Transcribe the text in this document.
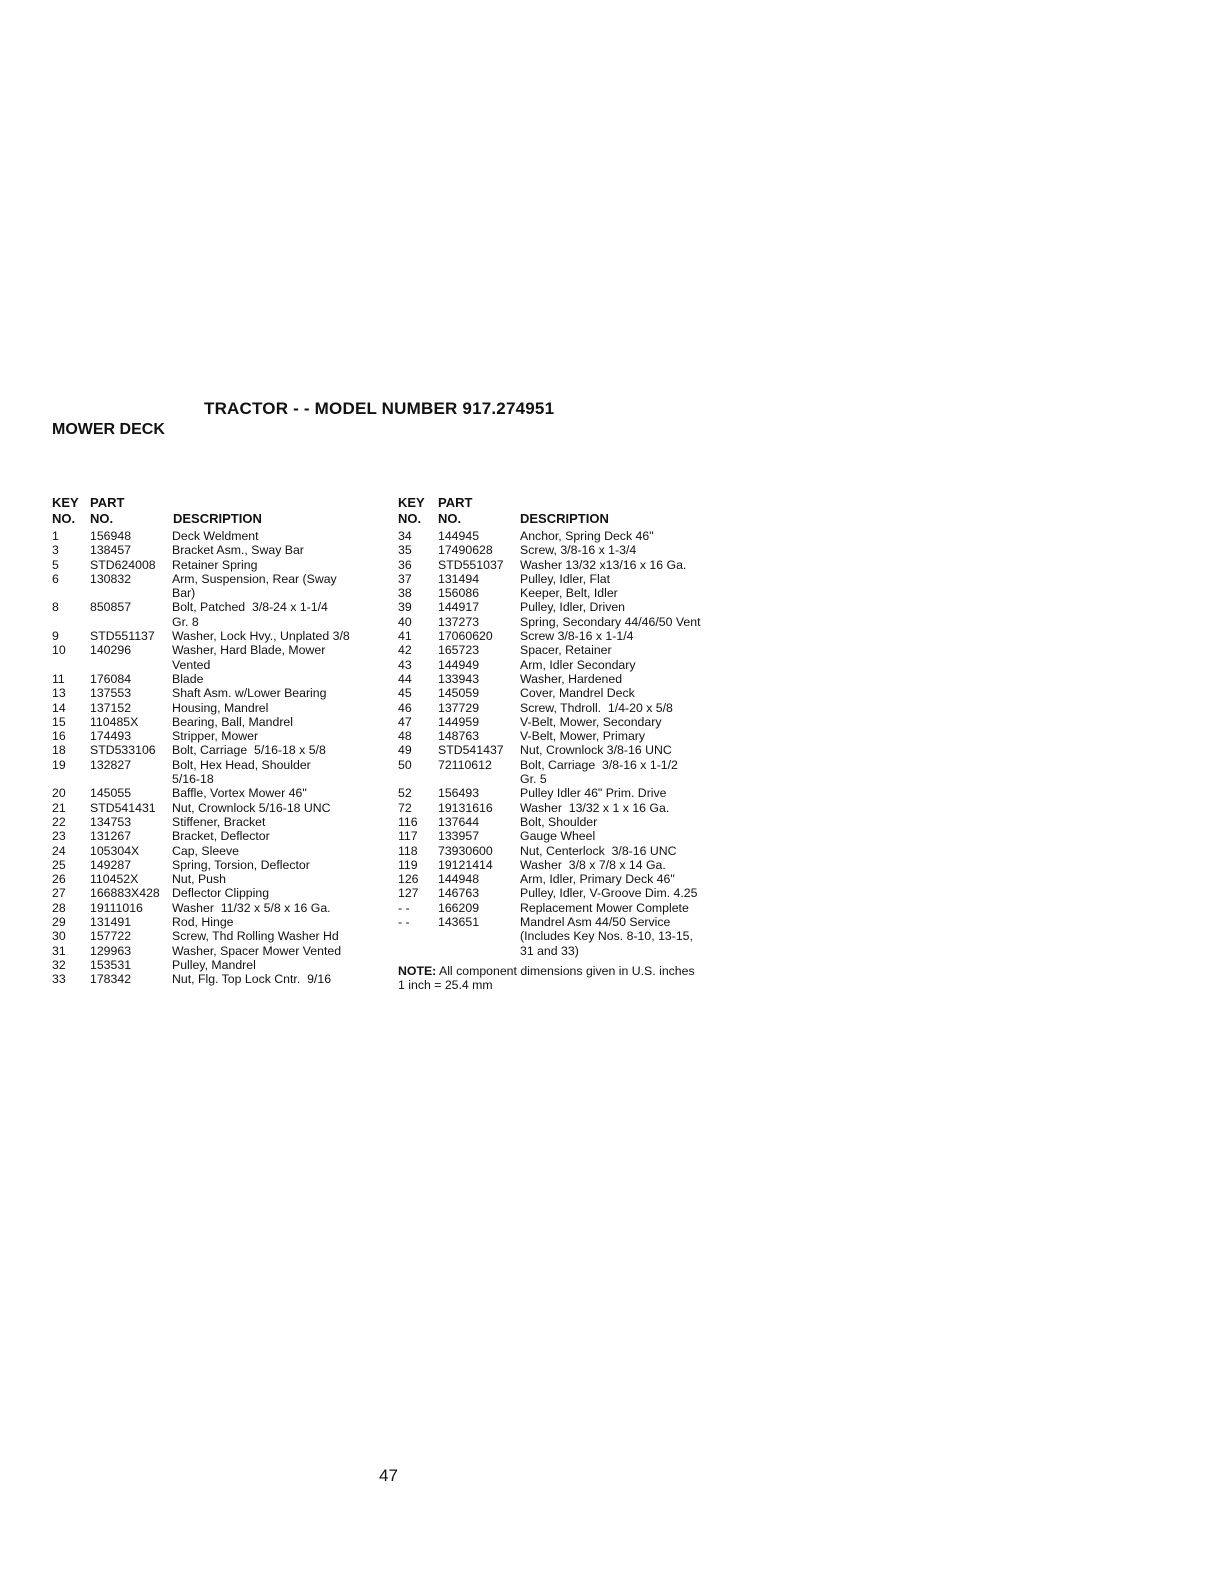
TRACTOR - - MODEL NUMBER 917.274951
MOWER DECK
KEY
NO.
PART
NO.	DESCRIPTION
1	156948	Deck Weldment
3	138457	Bracket Asm., Sway Bar
5	STD624008	Retainer Spring
6	130832	Arm, Suspension, Rear (Sway
Bar)
8	850857	Bolt, Patched  3/8-24 x 1-1/4
Gr. 8
9	STD551137	Washer, Lock Hvy., Unplated 3/8
10	140296	Washer, Hard Blade, Mower
Vented
11	176084	Blade
13	137553	Shaft Asm. w/Lower Bearing
14	137152	Housing, Mandrel
15	110485X	Bearing, Ball, Mandrel
16	174493	Stripper, Mower
18	STD533106	Bolt, Carriage  5/16-18 x 5/8
19	132827	Bolt, Hex Head, Shoulder
5/16-18
20	145055	Baffle, Vortex Mower 46"
21	STD541431	Nut, Crownlock 5/16-18 UNC
22	134753	Stiffener, Bracket
23	131267	Bracket, Deflector
24	105304X	Cap, Sleeve
25	149287	Spring, Torsion, Deflector
26	110452X	Nut, Push
27	166883X428 Deflector Clipping
28	19111016	Washer  11/32 x 5/8 x 16 Ga.
29	131491	Rod, Hinge
30	157722	Screw, Thd Rolling Washer Hd
31	129963	Washer, Spacer Mower Vented
32	153531	Pulley, Mandrel
33	178342	Nut, Flg. Top Lock Cntr.  9/16
KEY
NO.
PART
NO.	DESCRIPTION
34	144945	Anchor, Spring Deck 46"
35	17490628	Screw, 3/8-16 x 1-3/4
36	STD551037	Washer 13/32 x13/16 x 16 Ga.
37	131494	Pulley, Idler, Flat
38	156086	Keeper, Belt, Idler
39	144917	Pulley, Idler, Driven
40	137273	Spring, Secondary 44/46/50 Vent
41	17060620	Screw 3/8-16 x 1-1/4
42	165723	Spacer, Retainer
43	144949	Arm, Idler Secondary
44	133943	Washer, Hardened
45	145059	Cover, Mandrel Deck
46	137729	Screw, Thdroll.  1/4-20 x 5/8
47	144959	V-Belt, Mower, Secondary
48	148763	V-Belt, Mower, Primary
49	STD541437	Nut, Crownlock 3/8-16 UNC
50	72110612	Bolt, Carriage  3/8-16 x 1-1/2
Gr. 5
52	156493	Pulley Idler 46" Prim. Drive
72	19131616	Washer  13/32 x 1 x 16 Ga.
116	137644	Bolt, Shoulder
117	133957	Gauge Wheel
118	73930600	Nut, Centerlock  3/8-16 UNC
119	19121414	Washer  3/8 x 7/8 x 14 Ga.
126	144948	Arm, Idler, Primary Deck 46"
127	146763	Pulley, Idler, V-Groove Dim. 4.25
- -	166209	Replacement Mower Complete
- -	143651	Mandrel Asm 44/50 Service
(Includes Key Nos. 8-10, 13-15,
31 and 33)
NOTE: All component dimensions given in U.S. inches
1 inch = 25.4 mm
47
